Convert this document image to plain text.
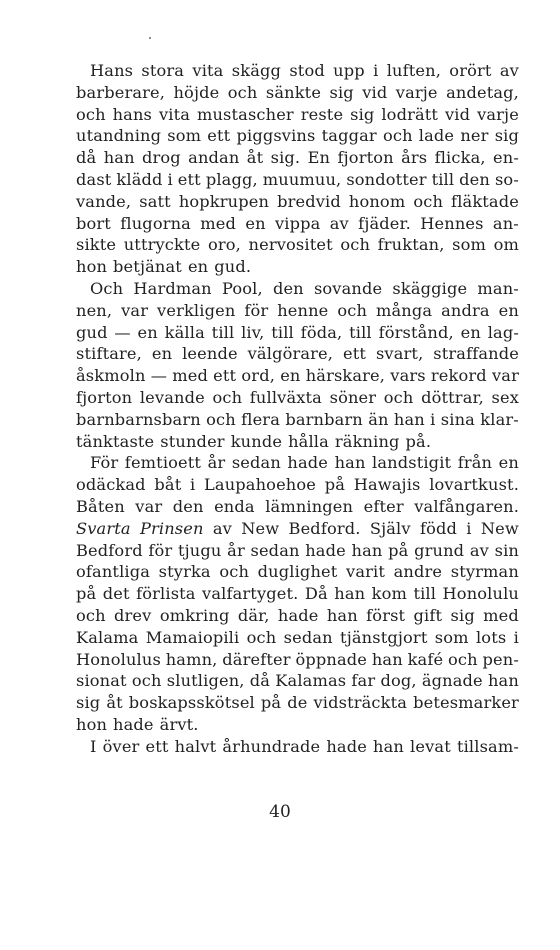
Hans stora vita skägg stod upp i luften, orört av
barberare, höjde och sänkte sig vid varje andetag,
och hans vita mustascher reste sig lodrätt vid varje
utandning som ett piggsvins taggar och lade ner sig
då han drog andan åt sig. En fjorton års flicka, en-
dast klädd i ett plagg, muumuu, sondotter till den so-
vande, satt hopkrupen bredvid honom och fläktade
bort flugorna med en vippa av fjäder. Hennes an-
sikte uttryckte oro, nervositet och fruktan, som om
hon betjänat en gud.
Och Hardman Pool, den sovande skäggige man-
nen, var verkligen för henne och många andra en
gud — en källa till liv, till föda, till förstånd, en lag-
stiftare, en leende välgörare, ett svart, straffande
åskmoln — med ett ord, en härskare, vars rekord var
fjorton levande och fullväxta söner och döttrar, sex
barnbarnsbarn och flera barnbarn än han i sina klar-
tänktaste stunder kunde hålla räkning på.
För femtioett år sedan hade han landstigit från en
odäckad båt i Laupahoehoe på Hawajis lovartkust.
Båten var den enda lämningen efter valfångaren.
Svarta Prinsen av New Bedford. Själv född i New
Bedford för tjugu år sedan hade han på grund av sin
ofantliga styrka och duglighet varit andre styrman
på det förlista valfartyget. Då han kom till Honolulu
och drev omkring där, hade han först gift sig med
Kalama Mamaiopili och sedan tjänstgjort som lots i
Honolulus hamn, därefter öppnade han kafé och pen-
sionat och slutligen, då Kalamas far dog, ägnade han
sig åt boskapsskötsel på de vidsträckta betesmarker
hon hade ärvt.
I över ett halvt århundrade hade han levat tillsam-
40
